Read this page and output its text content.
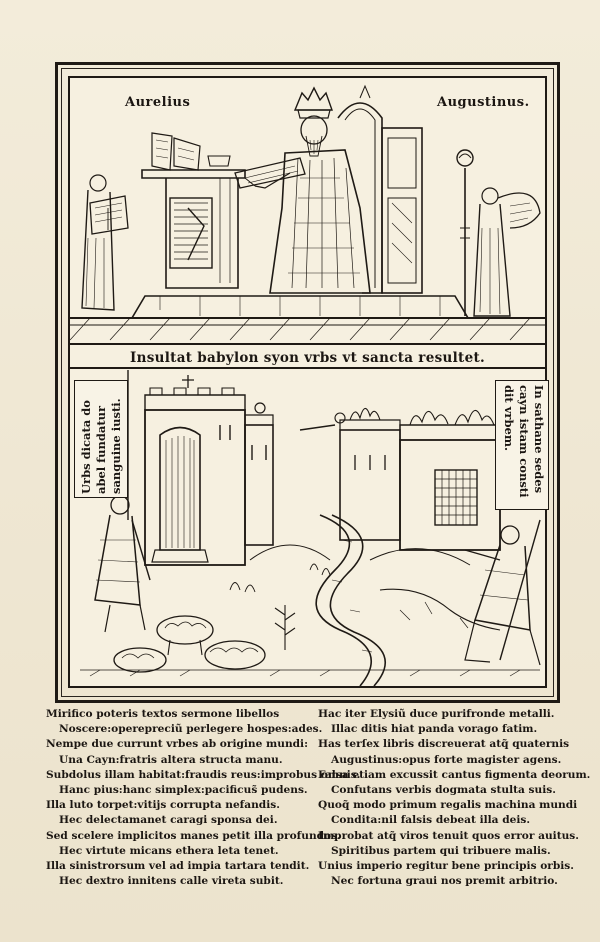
Aurelius	Augustinus.
Insultat babylon syon vrbs vt sancta resultet.
Urbs dicata do abel fundatur sanguine iusti.	In sathane sedes
cayn istam consti
dit vrbem.
Mirifico poteris textos sermone libellos
Noscere:operepreciũ perlegere hospes:ades.
Nempe due currunt vrbes ab origine mundi:
Una Cayn:fratris altera structa manu.
Subdolus illam habitat:fraudis reus:improbus omnis.
Hanc pius:hanc simplex:pacificus̃ pudens.
Illa luto torpet:vitijs corrupta nefandis.
Hec delectamanet caragi sponsa dei.
Sed scelere implicitos manes petit illa profundos.
Hec virtute micans ethera leta tenet.
Illa sinistrorsum vel ad impia tartara tendit.
Hec dextro innitens calle vireta subit.
Hac iter Elysiũ duce purifronde metalli.
Illac ditis hiat panda vorago fatim.
Has terſex libris discreuerat atq̃ quaternis
Augustinus:opus forte magister agens.
Falsa etiam excussit cantus figmenta deorum.
Confutans verbis dogmata stulta suis.
Quoq̃ modo primum regalis machina mundi
Condita:nil falsis debeat illa deis.
Improbat atq̃ viros tenuit quos error auitus.
Spiritibus partem qui tribuere malis.
Unius imperio regitur bene principis orbis.
Nec fortuna graui nos premit arbitrio.
